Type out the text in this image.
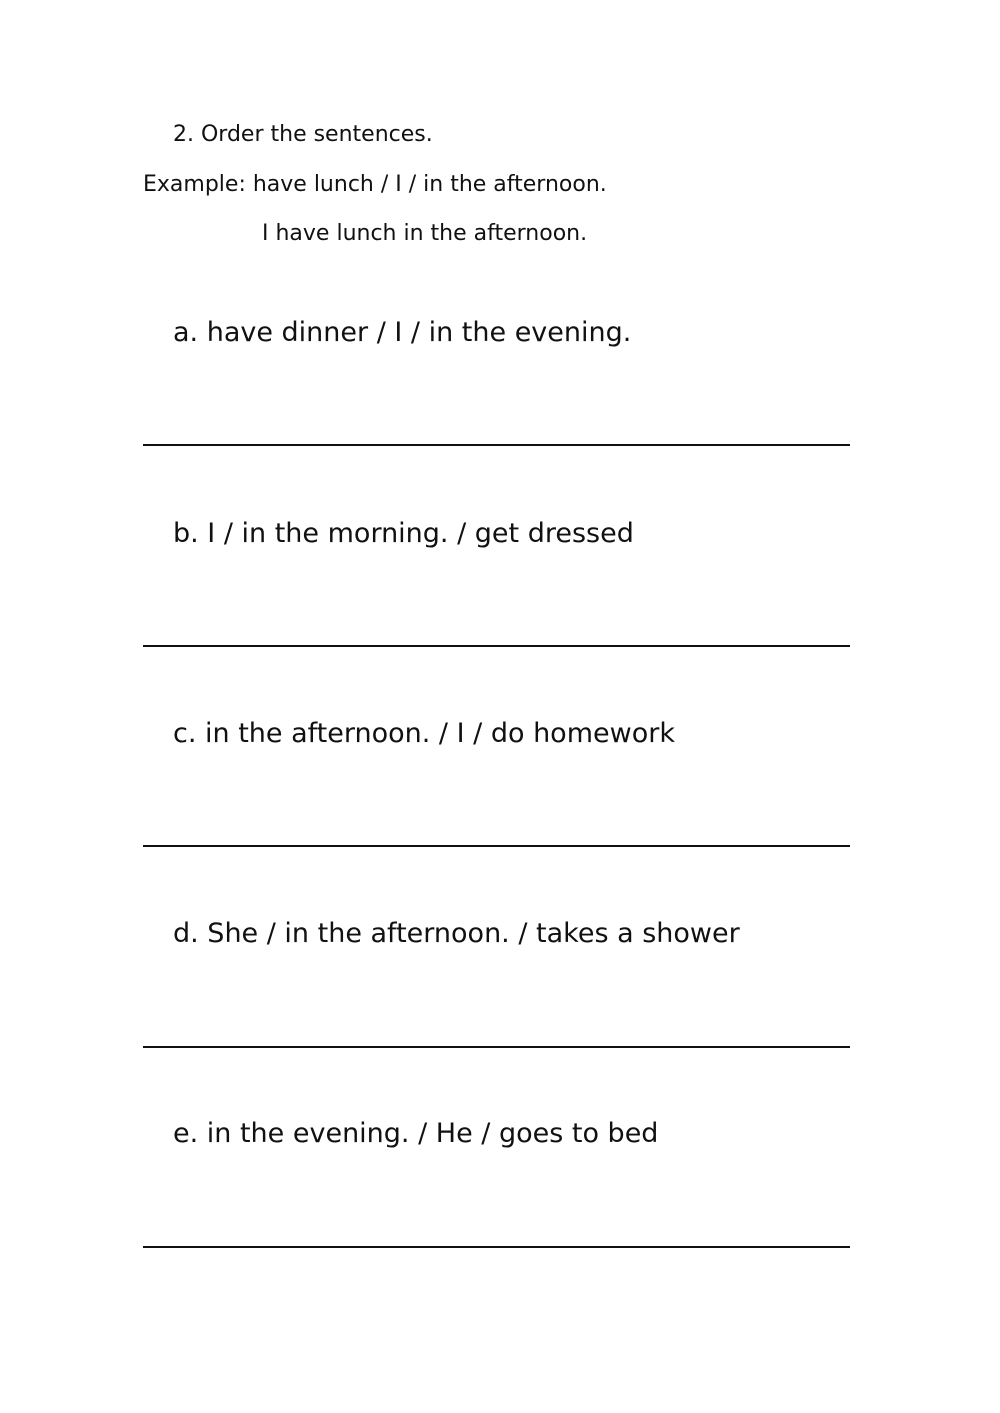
2. Order the sentences.
Example: have lunch / I / in the afternoon.
I have lunch in the afternoon.
a. have dinner / I / in the evening.
b. I / in the morning. / get dressed
c. in the afternoon. / I / do homework
d. She / in the afternoon. / takes a shower
e. in the evening. / He / goes to bed
